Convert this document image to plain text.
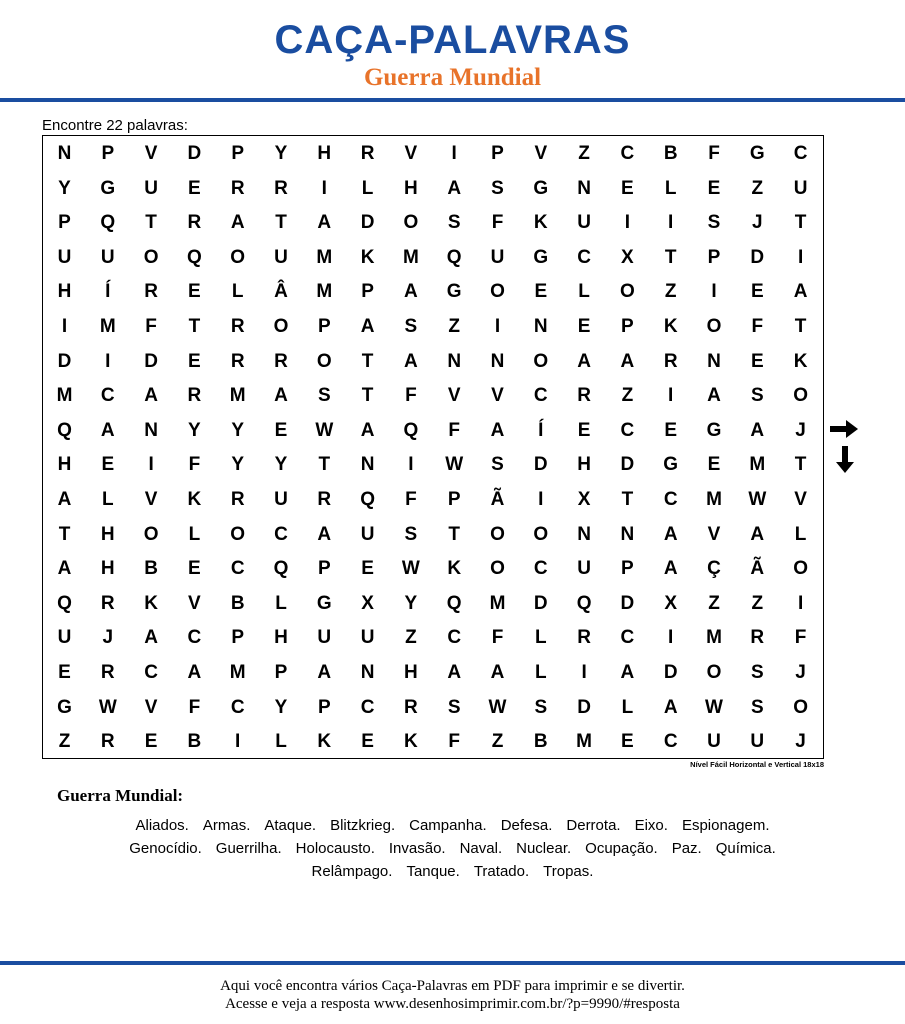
CAÇA-PALAVRAS
Guerra Mundial
Encontre 22 palavras:
N	P	V	D	P	Y	H	R	V	I	P	V	Z	C	B	F	G	C
Y	G	U	E	R	R	I	L	H	A	S	G	N	E	L	E	Z	U
P	Q	T	R	A	T	A	D	O	S	F	K	U	I	I	S	J	T
U	U	O	Q	O	U	M	K	M	Q	U	G	C	X	T	P	D	I
H	Í	R	E	L	Â	M	P	A	G	O	E	L	O	Z	I	E	A
I	M	F	T	R	O	P	A	S	Z	I	N	E	P	K	O	F	T
D	I	D	E	R	R	O	T	A	N	N	O	A	A	R	N	E	K
M	C	A	R	M	A	S	T	F	V	V	C	R	Z	I	A	S	O
Q	A	N	Y	Y	E	W	A	Q	F	A	Í	E	C	E	G	A	J
H	E	I	F	Y	Y	T	N	I	W	S	D	H	D	G	E	M	T
A	L	V	K	R	U	R	Q	F	P	Ã	I	X	T	C	M	W	V
T	H	O	L	O	C	A	U	S	T	O	O	N	N	A	V	A	L
A	H	B	E	C	Q	P	E	W	K	O	C	U	P	A	Ç	Ã	O
Q	R	K	V	B	L	G	X	Y	Q	M	D	Q	D	X	Z	Z	I
U	J	A	C	P	H	U	U	Z	C	F	L	R	C	I	M	R	F
E	R	C	A	M	P	A	N	H	A	A	L	I	A	D	O	S	J
G	W	V	F	C	Y	P	C	R	S	W	S	D	L	A	W	S	O
Z	R	E	B	I	L	K	E	K	F	Z	B	M	E	C	U	U	J
Nível Fácil Horizontal e Vertical 18x18
Guerra Mundial:
Aliados. Armas. Ataque. Blitzkrieg. Campanha. Defesa. Derrota. Eixo. Espionagem.
Genocídio. Guerrilha. Holocausto. Invasão. Naval. Nuclear. Ocupação. Paz. Química.
Relâmpago. Tanque. Tratado. Tropas.
Aqui você encontra vários Caça-Palavras em PDF para imprimir e se divertir.
Acesse e veja a resposta www.desenhosimprimir.com.br/?p=9990/#resposta
